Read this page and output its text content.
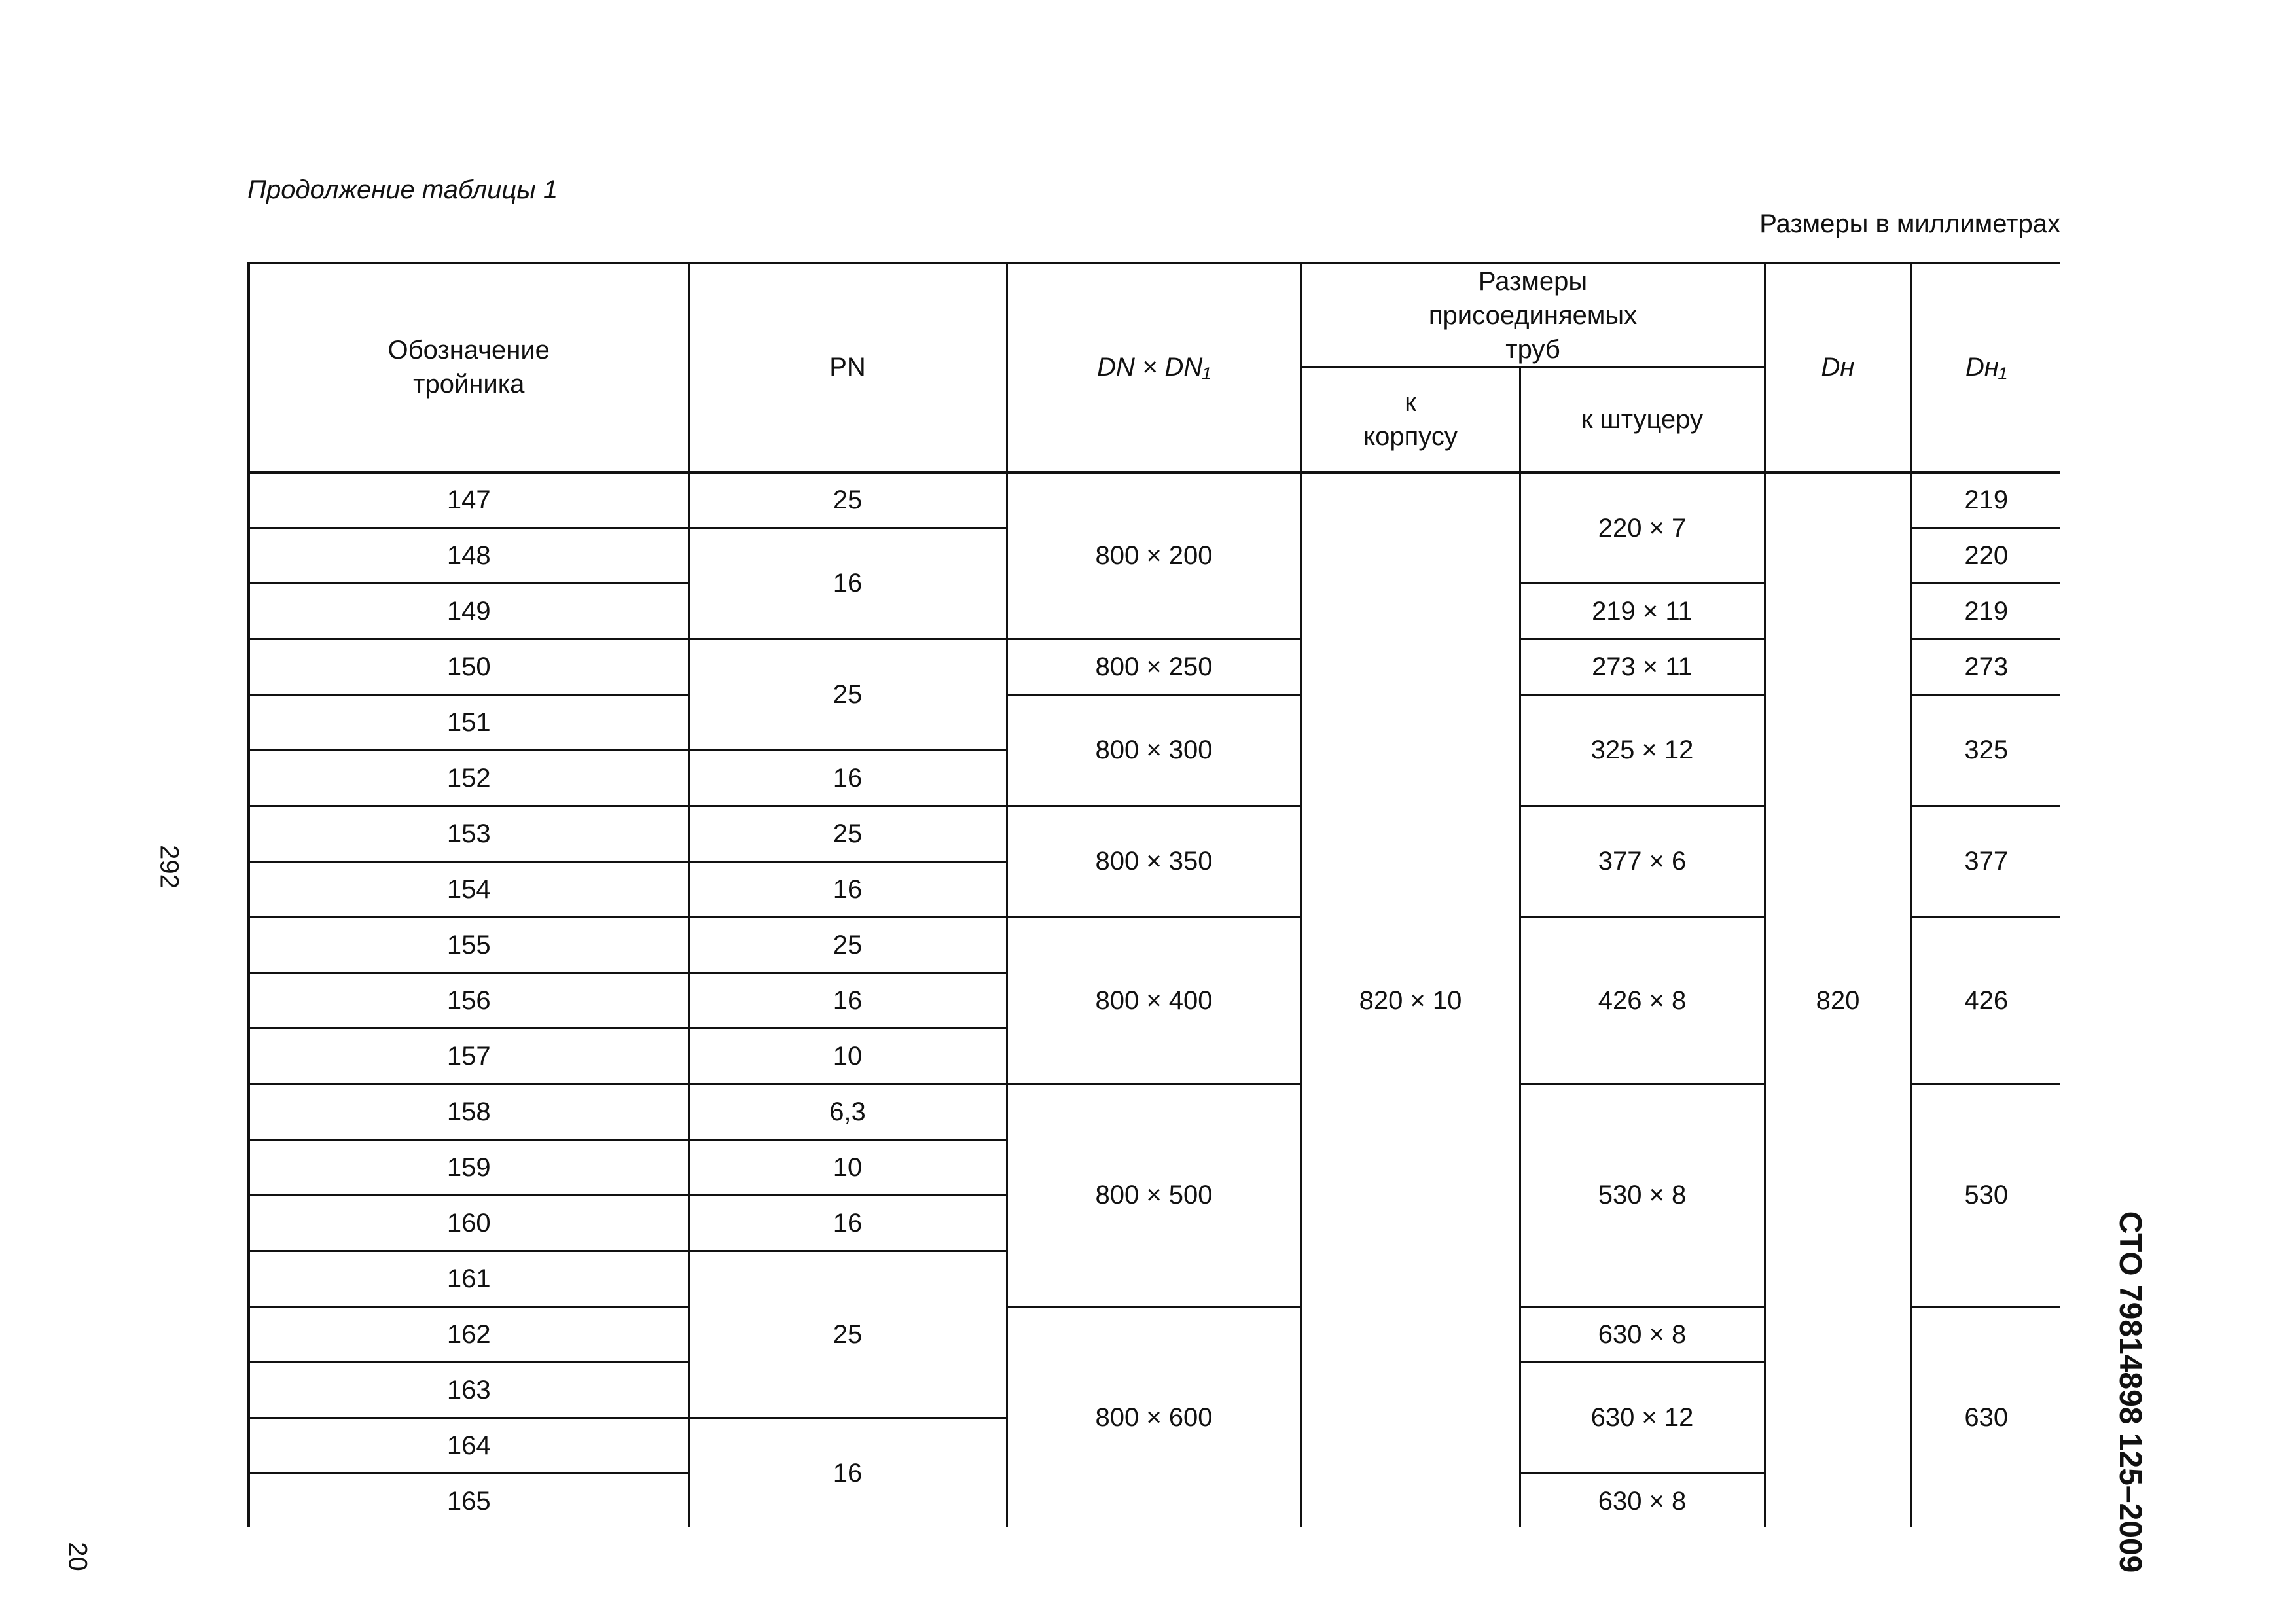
Продолжение таблицы 1
Размеры в миллиметрах
292
20	СТО 79814898 125–2009
Обозначение тройника	PN	DN × DN₁	Размеры присоединяемых труб		Dн	Dн₁

			к корпусу	к штуцеру		

147	25	800 × 200	820 × 10	220 × 7	820	219
148	16					220
149				219 × 11		219
150	25	800 × 250		273 × 11		273
151		800 × 300		325 × 12		325
152	16					
153	25	800 × 350		377 × 6		377
154	16					
155	25	800 × 400		426 × 8		426
156	16					
157	10					
158	6,3	800 × 500		530 × 8		530
159	10					
160	16					
161	25					
162		800 × 600		630 × 8		630
163				630 × 12		
164	16					
165				630 × 8		
